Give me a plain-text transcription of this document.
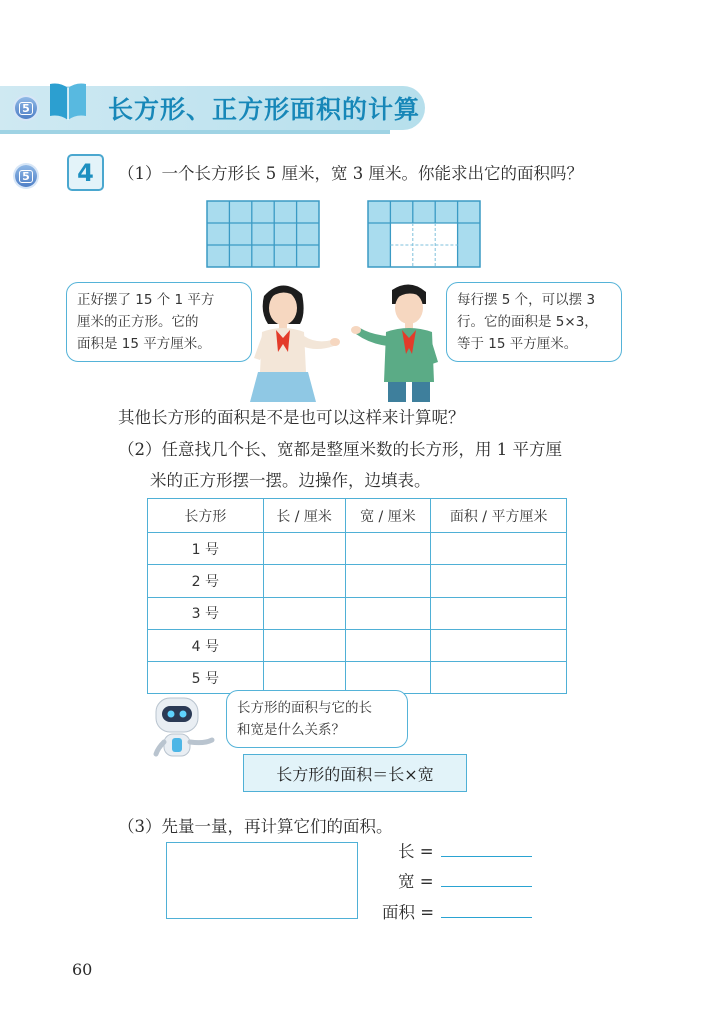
5	长方形、正方形面积的计算
5	4	（1）一个长方形长 5 厘米，宽 3 厘米。你能求出它的面积吗？
正好摆了 15 个 1 平方
厘米的正方形。它的
面积是 15 平方厘米。
每行摆 5 个，可以摆 3
行。它的面积是 5×3，
等于 15 平方厘米。
其他长方形的面积是不是也可以这样来计算呢？
（2）任意找几个长、宽都是整厘米数的长方形，用 1 平方厘
米的正方形摆一摆。边操作，边填表。
长方形	长 / 厘米	宽 / 厘米	面积 / 平方厘米
1 号			
2 号			
3 号			
4 号			
5 号			
长方形的面积与它的长
和宽是什么关系？
长方形的面积＝长×宽
（3）先量一量，再计算它们的面积。
长 =
宽 =
面积 =
60
